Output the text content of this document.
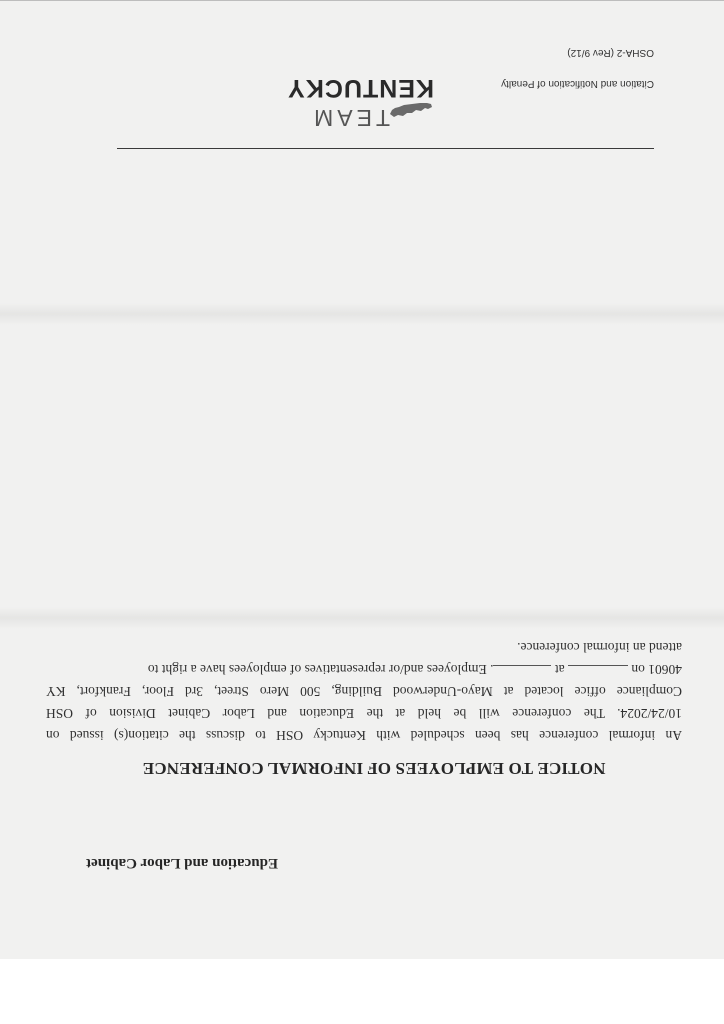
Education and Labor Cabinet

NOTICE TO EMPLOYEES OF INFORMAL CONFERENCE
An informal conference has been scheduled with Kentucky OSH to discuss the citation(s) issued on
10/24/2024. The conference will be held at the Education and Labor Cabinet Division of OSH
Compliance office located at Mayo-Underwood Building, 500 Mero Street, 3rd Floor, Frankfort, KY
40601 on  at . Employees and/or representatives of employees have a right to
attend an informal conference.

TEAM

KENTUCKY	Citation and Notification of Penalty

OSHA-2 (Rev 9/12)
